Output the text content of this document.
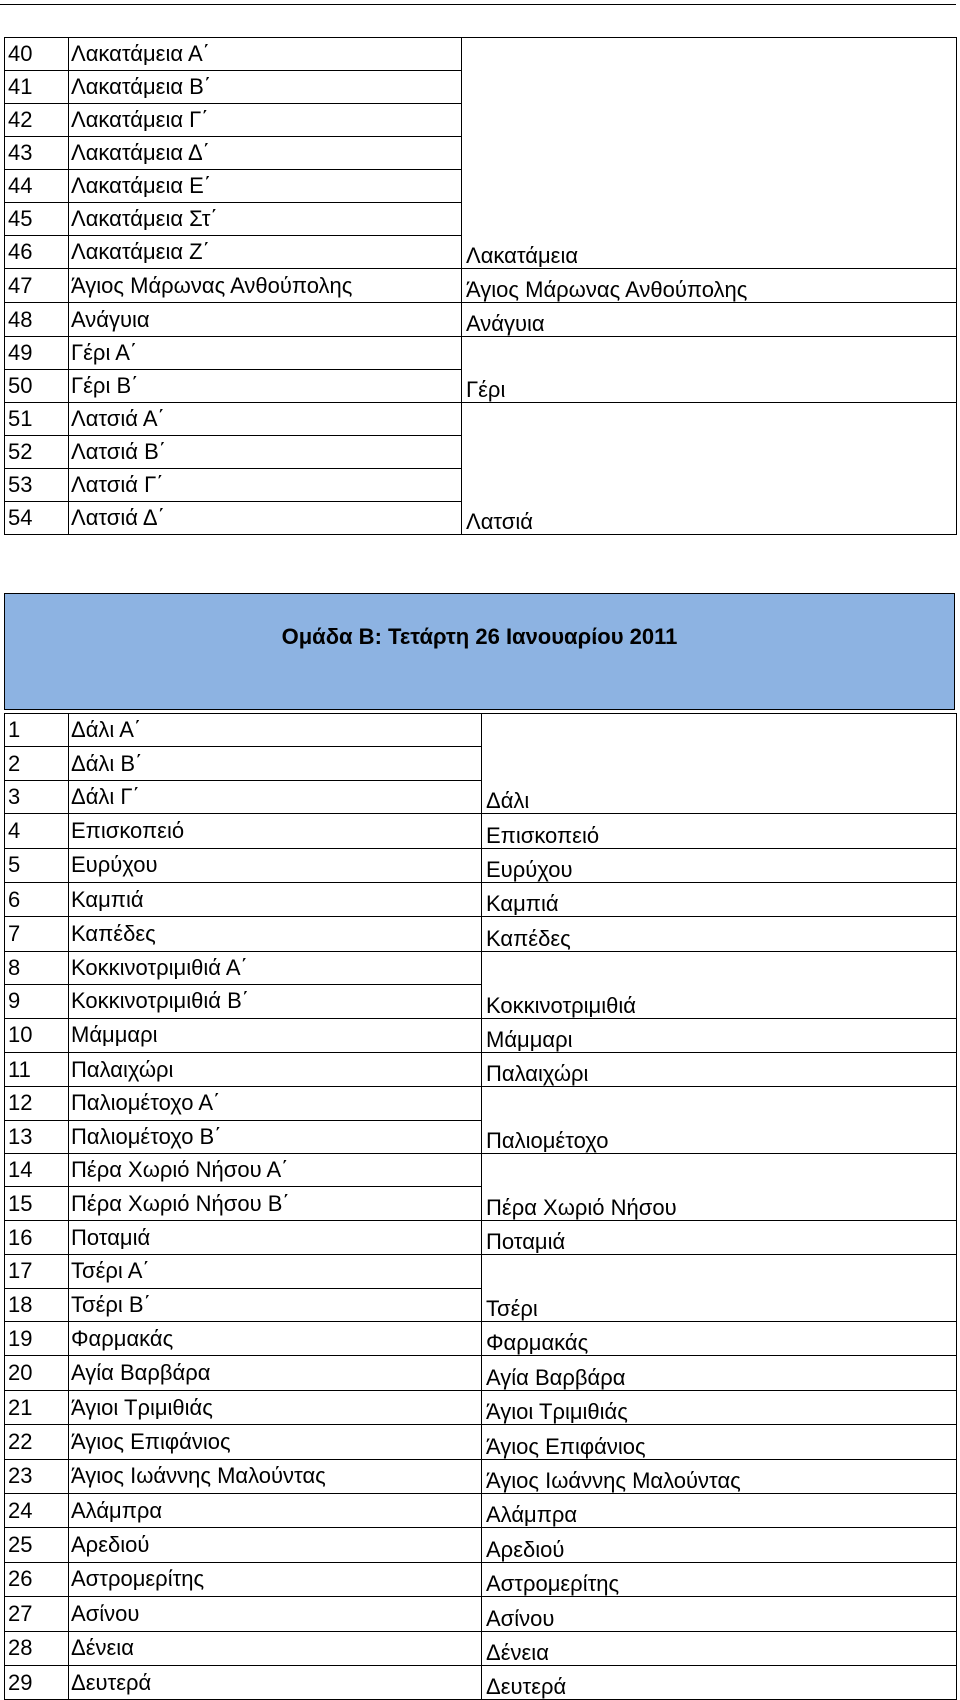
40	Λακατάμεια Α΄	Λακατάμεια
41	Λακατάμεια Β΄	
42	Λακατάμεια Γ΄	
43	Λακατάμεια Δ΄	
44	Λακατάμεια Ε΄	
45	Λακατάμεια Στ΄	
46	Λακατάμεια Ζ΄	
47	Άγιος Μάρωνας Ανθούπολης	Άγιος Μάρωνας Ανθούπολης
48	Ανάγυια	Ανάγυια
49	Γέρι Α΄	Γέρι
50	Γέρι Β΄	
51	Λατσιά Α΄	Λατσιά
52	Λατσιά Β΄	
53	Λατσιά Γ΄	
54	Λατσιά Δ΄	
Ομάδα Β: Τετάρτη 26 Ιανουαρίου 2011
1	Δάλι Α΄	Δάλι
2	Δάλι Β΄	
3	Δάλι Γ΄	
4	Επισκοπειό	Επισκοπειό
5	Ευρύχου	Ευρύχου
6	Καμπιά	Καμπιά
7	Καπέδες	Καπέδες
8	Κοκκινοτριμιθιά Α΄	Κοκκινοτριμιθιά
9	Κοκκινοτριμιθιά Β΄	
10	Μάμμαρι	Μάμμαρι
11	Παλαιχώρι	Παλαιχώρι
12	Παλιομέτοχο Α΄	Παλιομέτοχο
13	Παλιομέτοχο Β΄	
14	Πέρα Χωριό Νήσου Α΄	Πέρα Χωριό Νήσου
15	Πέρα Χωριό Νήσου Β΄	
16	Ποταμιά	Ποταμιά
17	Τσέρι Α΄	Τσέρι
18	Τσέρι Β΄	
19	Φαρμακάς	Φαρμακάς
20	Αγία Βαρβάρα	Αγία Βαρβάρα
21	Άγιοι Τριμιθιάς	Άγιοι Τριμιθιάς
22	Άγιος Επιφάνιος	Άγιος Επιφάνιος
23	Άγιος Ιωάννης Μαλούντας	Άγιος Ιωάννης Μαλούντας
24	Αλάμπρα	Αλάμπρα
25	Αρεδιού	Αρεδιού
26	Αστρομερίτης	Αστρομερίτης
27	Ασίνου	Ασίνου
28	Δένεια	Δένεια
29	Δευτερά	Δευτερά
